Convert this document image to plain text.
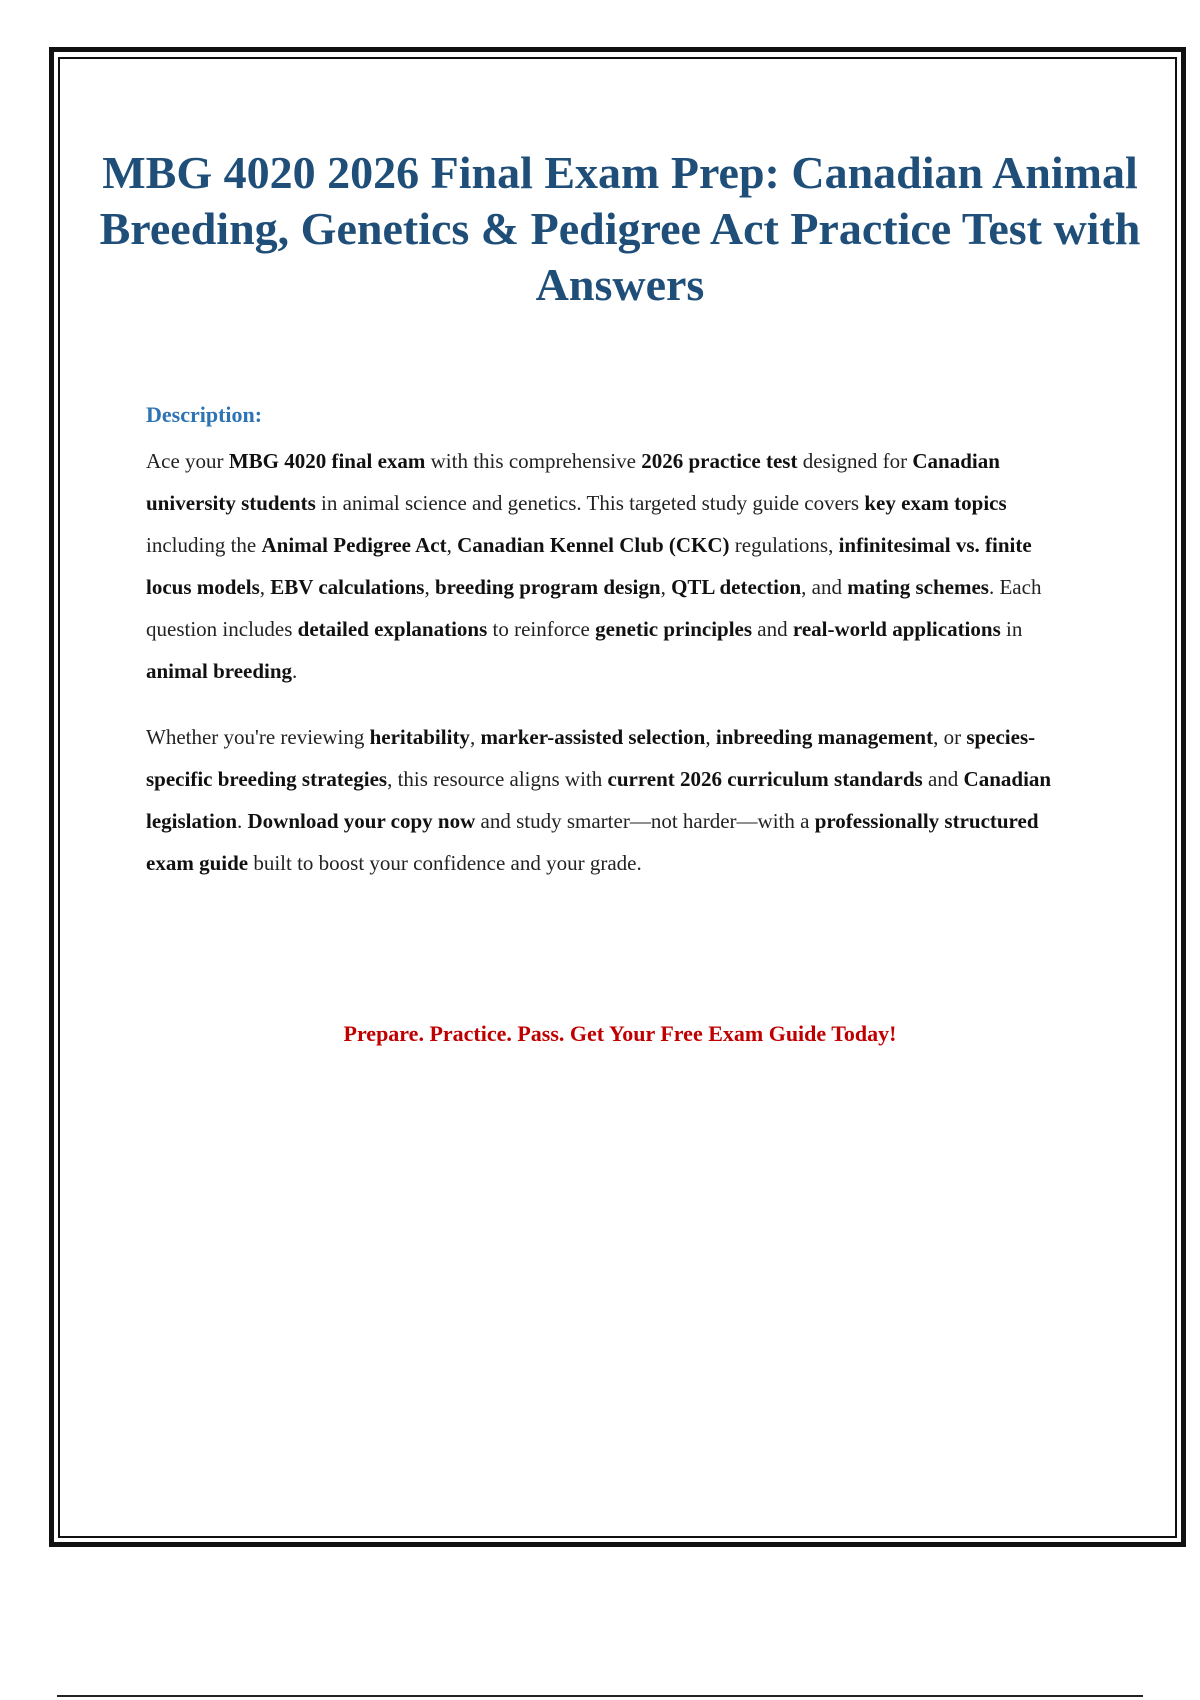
MBG 4020 2026 Final Exam Prep: Canadian Animal Breeding, Genetics & Pedigree Act Practice Test with Answers

Description:

Ace your MBG 4020 final exam with this comprehensive 2026 practice test designed for Canadian university students in animal science and genetics. This targeted study guide covers key exam topics including the Animal Pedigree Act, Canadian Kennel Club (CKC) regulations, infinitesimal vs. finite locus models, EBV calculations, breeding program design, QTL detection, and mating schemes. Each question includes detailed explanations to reinforce genetic principles and real-world applications in animal breeding.

Whether you're reviewing heritability, marker-assisted selection, inbreeding management, or species-specific breeding strategies, this resource aligns with current 2026 curriculum standards and Canadian legislation. Download your copy now and study smarter—not harder—with a professionally structured exam guide built to boost your confidence and your grade.

Prepare. Practice. Pass. Get Your Free Exam Guide Today!
